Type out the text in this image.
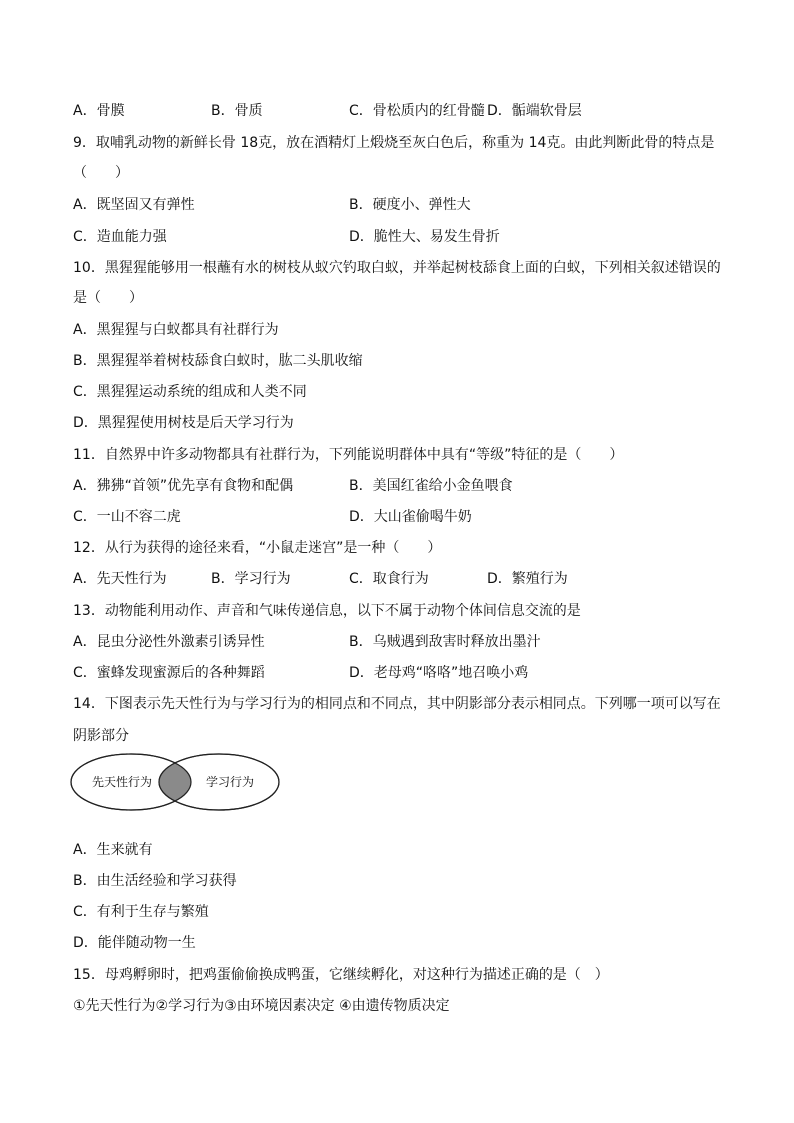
A．骨膜	B．骨质	C．骨松质内的红骨髓 D．骺端软骨层
9．取哺乳动物的新鲜长骨 18克，放在酒精灯上煅烧至灰白色后，称重为 14克。由此判断此骨的特点是
（　　）
A．既坚固又有弹性	B．硬度小、弹性大
C．造血能力强	D．脆性大、易发生骨折
10．黑猩猩能够用一根蘸有水的树枝从蚁穴钓取白蚁，并举起树枝舔食上面的白蚁，下列相关叙述错误的
是（　　）
A．黑猩猩与白蚁都具有社群行为
B．黑猩猩举着树枝舔食白蚁时，肱二头肌收缩
C．黑猩猩运动系统的组成和人类不同
D．黑猩猩使用树枝是后天学习行为
11．自然界中许多动物都具有社群行为，下列能说明群体中具有“等级”特征的是（　　）
A．狒狒“首领”优先享有食物和配偶	B．美国红雀给小金鱼喂食
C．一山不容二虎	D．大山雀偷喝牛奶
12．从行为获得的途径来看，“小鼠走迷宫”是一种（　　）
A．先天性行为	B．学习行为	C．取食行为	D．繁殖行为
13．动物能利用动作、声音和气味传递信息，以下不属于动物个体间信息交流的是
A．昆虫分泌性外激素引诱异性	B．乌贼遇到敌害时释放出墨汁
C．蜜蜂发现蜜源后的各种舞蹈	D．老母鸡“咯咯”地召唤小鸡
14．下图表示先天性行为与学习行为的相同点和不同点，其中阴影部分表示相同点。下列哪一项可以写在
阴影部分
先天性行为	学习行为
A．生来就有
B．由生活经验和学习获得
C．有利于生存与繁殖
D．能伴随动物一生
15．母鸡孵卵时，把鸡蛋偷偷换成鸭蛋，它继续孵化，对这种行为描述正确的是（　）
①先天性行为②学习行为③由环境因素决定 ④由遗传物质决定
